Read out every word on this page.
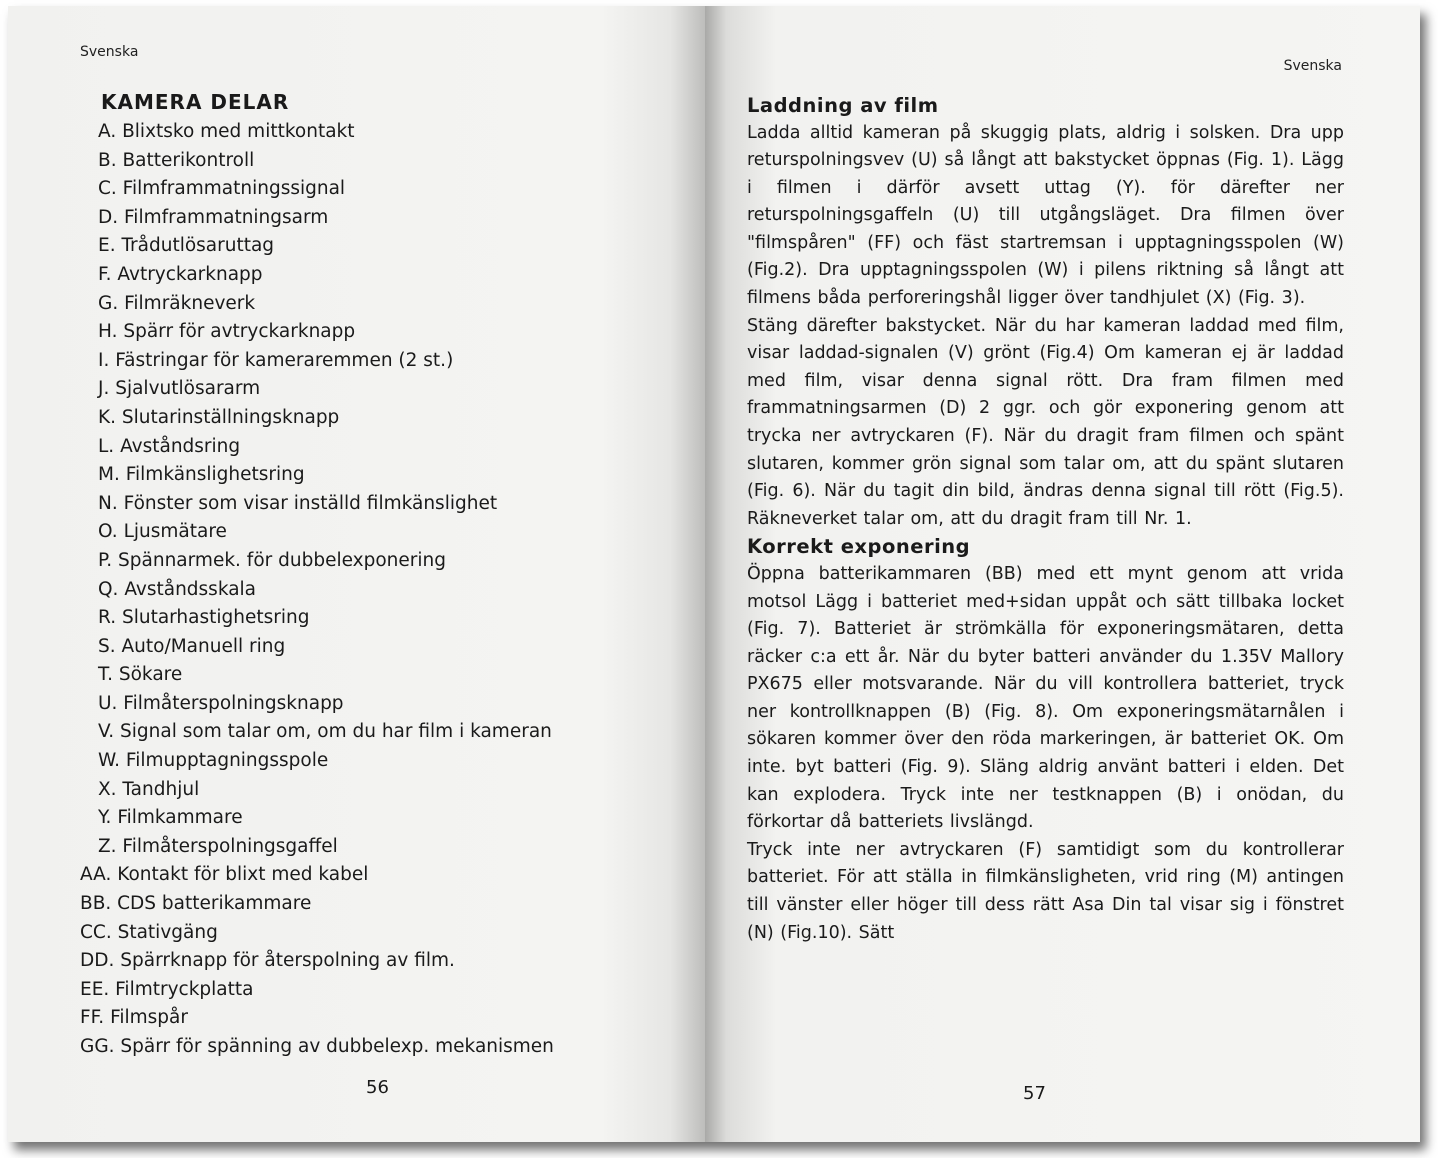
Svenska
KAMERA DELAR
A. Blixtsko med mittkontakt
B. Batterikontroll
C. Filmframmatningssignal
D. Filmframmatningsarm
E. Trådutlösaruttag
F. Avtryckarknapp
G. Filmräkneverk
H. Spärr för avtryckarknapp
I. Fästringar för kameraremmen (2 st.)
J. Sjalvutlösararm
K. Slutarinställningsknapp
L. Avståndsring
M. Filmkänslighetsring
N. Fönster som visar inställd filmkänslighet
O. Ljusmätare
P. Spännarmek. för dubbelexponering
Q. Avståndsskala
R. Slutarhastighetsring
S. Auto/Manuell ring
T. Sökare
U. Filmåterspolningsknapp
V. Signal som talar om, om du har film i kameran
W. Filmupptagningsspole
X. Tandhjul
Y. Filmkammare
Z. Filmåterspolningsgaffel
AA. Kontakt för blixt med kabel
BB. CDS batterikammare
CC. Stativgäng
DD. Spärrknapp för återspolning av film.
EE. Filmtryckplatta
FF. Filmspår
GG. Spärr för spänning av dubbelexp. mekanismen
56
Svenska
Laddning av film

Ladda alltid kameran på skuggig plats, aldrig i solsken. Dra upp returspolningsvev (U) så långt att bakstycket öppnas (Fig. 1). Lägg i filmen i därför avsett uttag (Y). för därefter ner returspolningsgaffeln (U) till utgångsläget. Dra filmen över "filmspåren" (FF) och fäst startremsan i upptagningsspolen (W) (Fig.2). Dra upptagningsspolen (W) i pilens riktning så långt att filmens båda perforeringshål ligger över tandhjulet (X) (Fig. 3).

Stäng därefter bakstycket. När du har kameran laddad med film, visar laddad-signalen (V) grönt (Fig.4) Om kameran ej är laddad med film, visar denna signal rött. Dra fram filmen med frammatningsarmen (D) 2 ggr. och gör exponering genom att trycka ner avtryckaren (F). När du dragit fram filmen och spänt slutaren, kommer grön signal som talar om, att du spänt slutaren (Fig. 6). När du tagit din bild, ändras denna signal till rött (Fig.5). Räkneverket talar om, att du dragit fram till Nr. 1.

Korrekt exponering

Öppna batterikammaren (BB) med ett mynt genom att vrida motsol Lägg i batteriet med+sidan uppåt och sätt tillbaka locket (Fig. 7). Batteriet är strömkälla för exponeringsmätaren, detta räcker c:a ett år. När du byter batteri använder du 1.35V Mallory PX675 eller motsvarande. När du vill kontrollera batteriet, tryck ner kontrollknappen (B) (Fig. 8). Om exponeringsmätarnålen i sökaren kommer över den röda markeringen, är batteriet OK. Om inte. byt batteri (Fig. 9). Släng aldrig använt batteri i elden. Det kan explodera. Tryck inte ner testknappen (B) i onödan, du förkortar då batteriets livslängd.

Tryck inte ner avtryckaren (F) samtidigt som du kontrollerar batteriet. För att ställa in filmkänsligheten, vrid ring (M) antingen till vänster eller höger till dess rätt Asa Din tal visar sig i fönstret (N) (Fig.10). Sätt

57
